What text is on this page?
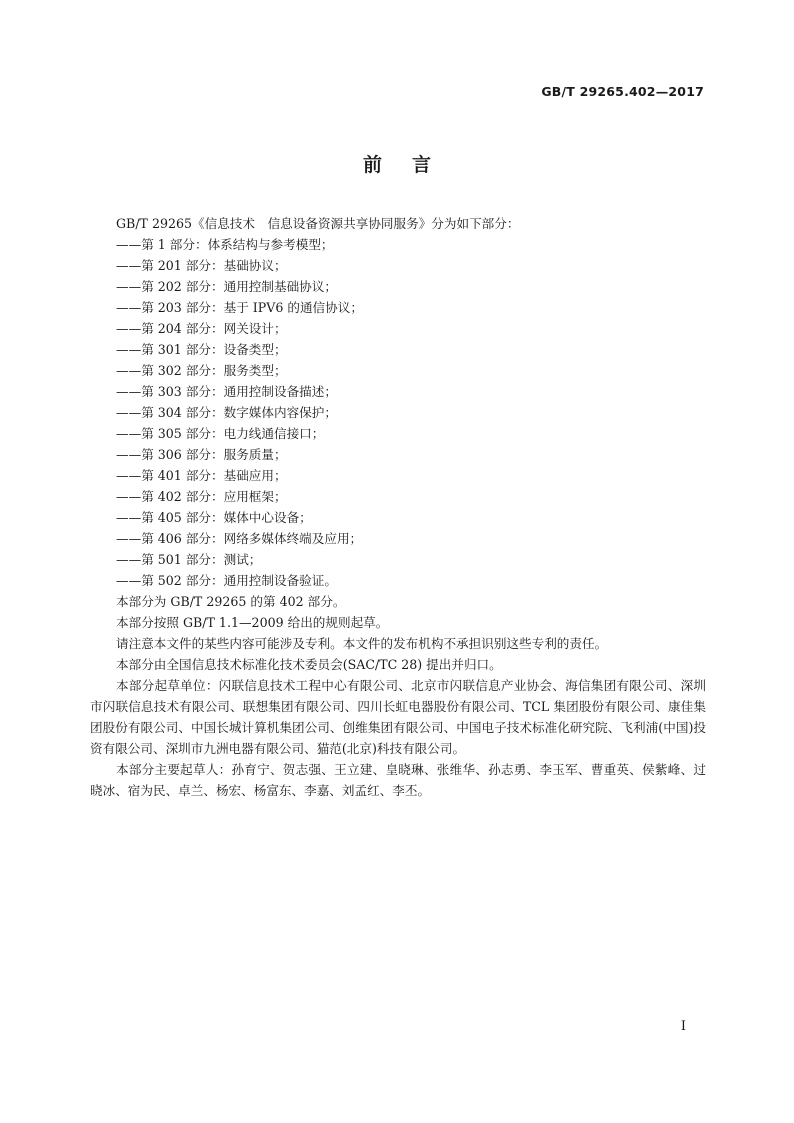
GB/T 29265.402—2017
前言
GB/T 29265《信息技术　信息设备资源共享协同服务》分为如下部分：
——第 1 部分：体系结构与参考模型；
——第 201 部分：基础协议；
——第 202 部分：通用控制基础协议；
——第 203 部分：基于 IPV6 的通信协议；
——第 204 部分：网关设计；
——第 301 部分：设备类型；
——第 302 部分：服务类型；
——第 303 部分：通用控制设备描述；
——第 304 部分：数字媒体内容保护；
——第 305 部分：电力线通信接口；
——第 306 部分：服务质量；
——第 401 部分：基础应用；
——第 402 部分：应用框架；
——第 405 部分：媒体中心设备；
——第 406 部分：网络多媒体终端及应用；
——第 501 部分：测试；
——第 502 部分：通用控制设备验证。
本部分为 GB/T 29265 的第 402 部分。
本部分按照 GB/T 1.1—2009 给出的规则起草。
请注意本文件的某些内容可能涉及专利。本文件的发布机构不承担识别这些专利的责任。
本部分由全国信息技术标准化技术委员会(SAC/TC 28) 提出并归口。
本部分起草单位：闪联信息技术工程中心有限公司、北京市闪联信息产业协会、海信集团有限公司、深圳市闪联信息技术有限公司、联想集团有限公司、四川长虹电器股份有限公司、TCL 集团股份有限公司、康佳集团股份有限公司、中国长城计算机集团公司、创维集团有限公司、中国电子技术标准化研究院、飞利浦(中国)投资有限公司、深圳市九洲电器有限公司、猫范(北京)科技有限公司。
本部分主要起草人：孙育宁、贺志强、王立建、皇晓琳、张维华、孙志勇、李玉军、曹重英、侯紫峰、过晓冰、宿为民、卓兰、杨宏、杨富东、李嘉、刘孟红、李丕。
I
